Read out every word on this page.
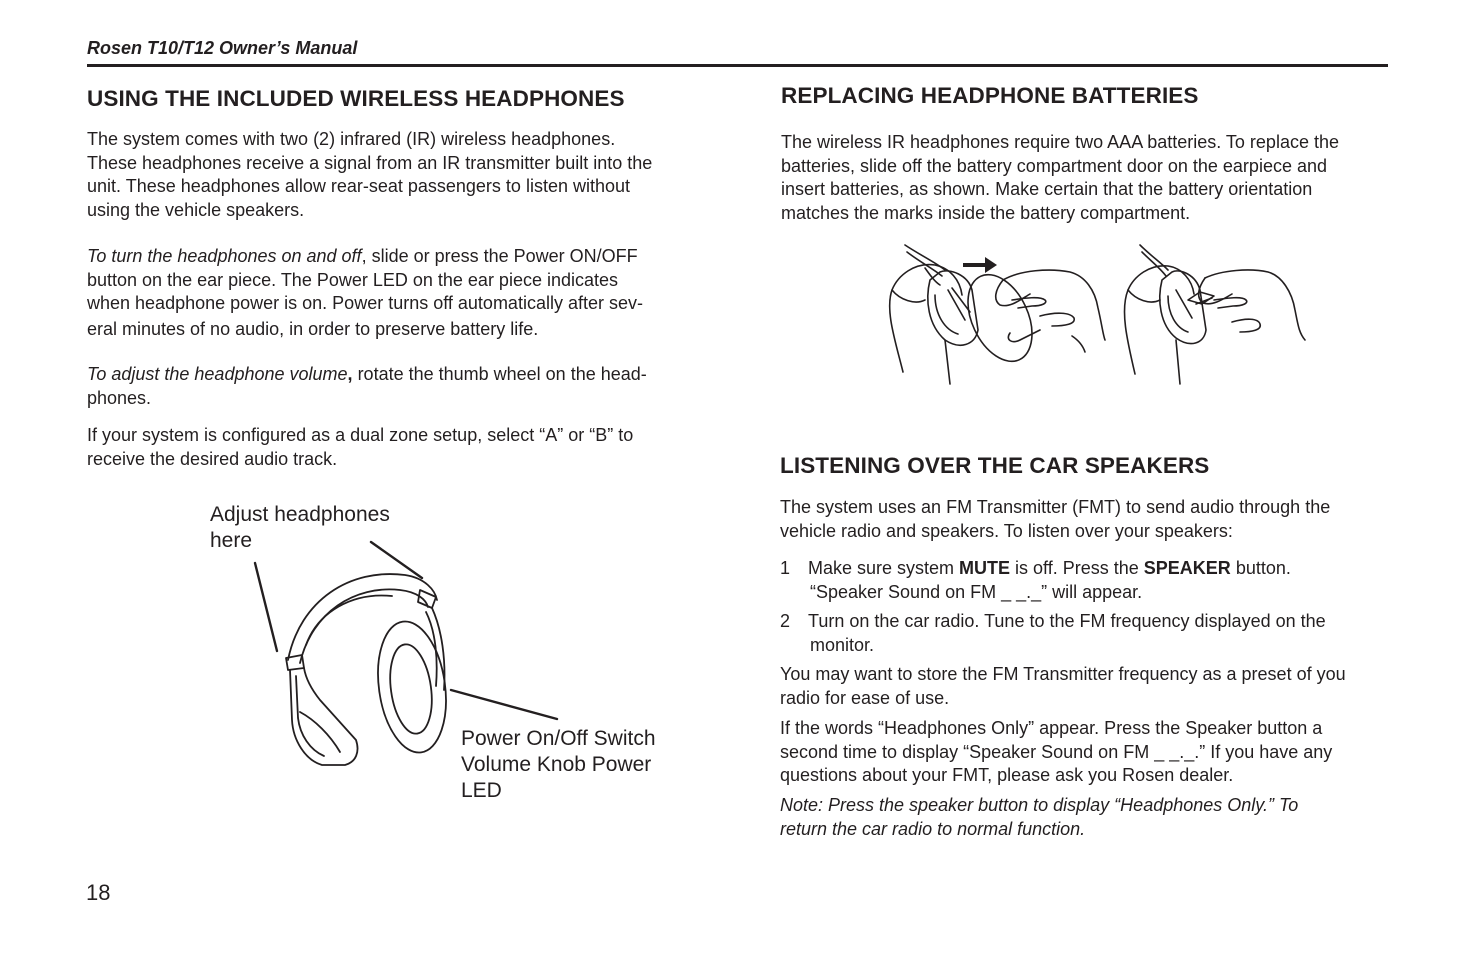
Rosen T10/T12 Owner’s Manual
USING THE INCLUDED WIRELESS HEADPHONES

The system comes with two (2) infrared (IR) wireless headphones.
These headphones receive a signal from an IR transmitter built into the
unit. These headphones allow rear-seat passengers to listen without
using the vehicle speakers.

To turn the headphones on and off, slide or press the Power ON/OFF
button on the ear piece. The Power LED on the ear piece indicates
when headphone power is on. Power turns off automatically after sev-
eral minutes of no audio, in order to preserve battery life.

To adjust the headphone volume, rotate the thumb wheel on the head-
phones.

If your system is configured as a dual zone setup, select “A” or “B” to
receive the desired audio track.

Adjust headphones
here
Power On/Off Switch
Volume Knob Power
LED
REPLACING HEADPHONE BATTERIES

The wireless IR headphones require two AAA batteries. To replace the
batteries, slide off the battery compartment door on the earpiece and
insert batteries, as shown. Make certain that the battery orientation
matches the marks inside the battery compartment.

LISTENING OVER THE CAR SPEAKERS

The system uses an FM Transmitter (FMT) to send audio through the
vehicle radio and speakers. To listen over your speakers:

1 Make sure system MUTE is off. Press the SPEAKER button.
“Speaker Sound on FM _ _._” will appear.
2 Turn on the car radio. Tune to the FM frequency displayed on the
monitor.

You may want to store the FM Transmitter frequency as a preset of you
radio for ease of use.

If the words “Headphones Only” appear. Press the Speaker button a
second time to display “Speaker Sound on FM _ _._.” If you have any
questions about your FMT, please ask you Rosen dealer.

Note: Press the speaker button to display “Headphones Only.” To
return the car radio to normal function.

18
